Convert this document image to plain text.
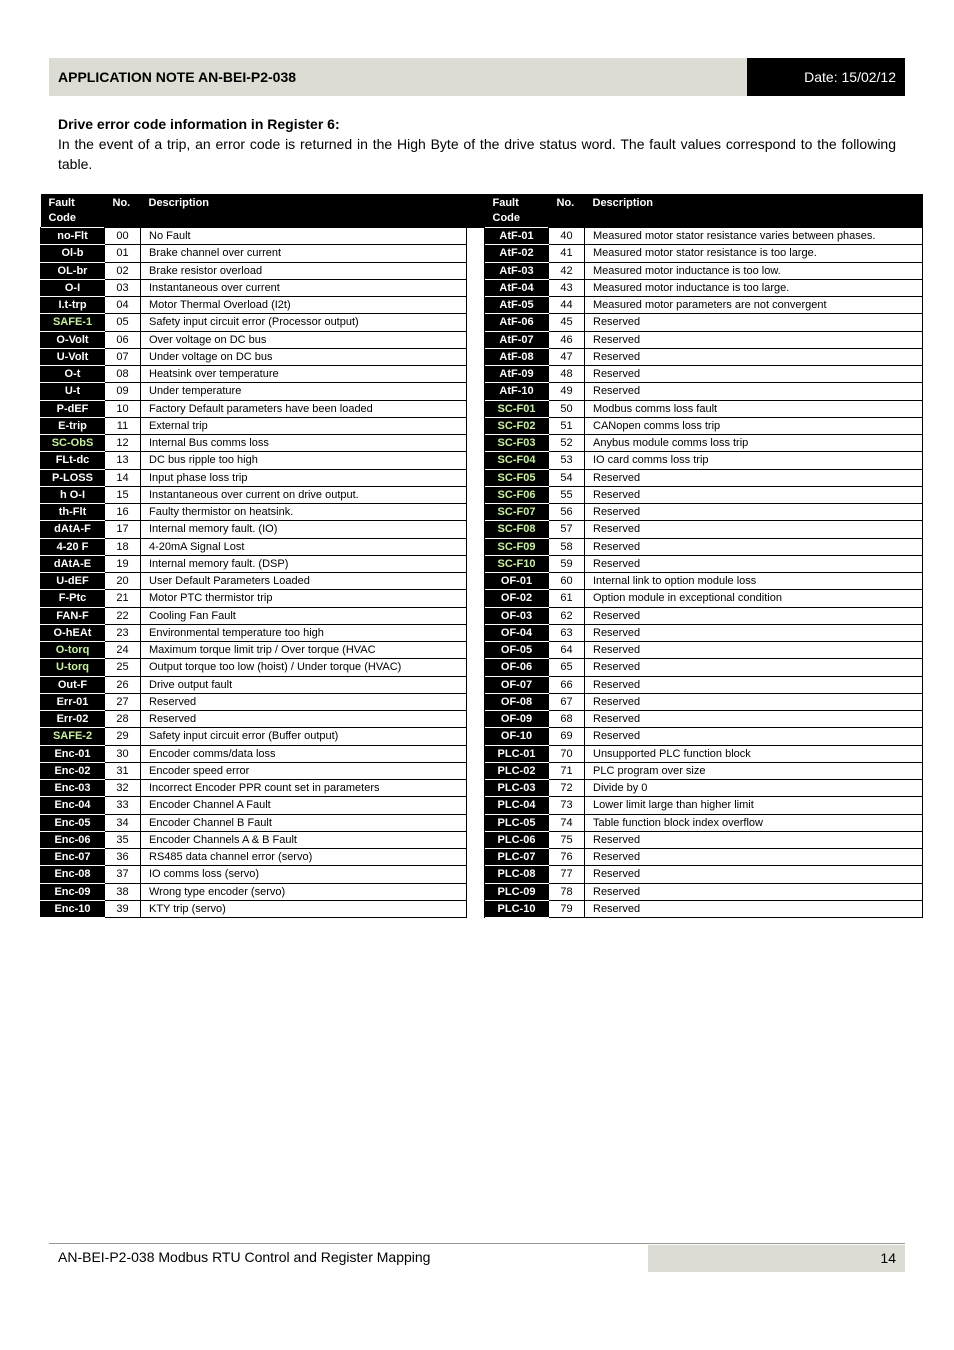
APPLICATION NOTE AN-BEI-P2-038	Date: 15/02/12
Drive error code information in Register 6:
In the event of a trip, an error code is returned in the High Byte of the drive status word. The fault values correspond to the following table.
Fault Code	No.	Description		Fault Code	No.	Description
no-Flt	00	No Fault		AtF-01	40	Measured motor stator resistance varies between phases.
Ol-b	01	Brake channel over current		AtF-02	41	Measured motor stator resistance is too large.
OL-br	02	Brake resistor overload		AtF-03	42	Measured motor inductance is too low.
O-I	03	Instantaneous over current		AtF-04	43	Measured motor inductance is too large.
I.t-trp	04	Motor Thermal Overload (I2t)		AtF-05	44	Measured motor parameters are not convergent
SAFE-1	05	Safety input circuit error (Processor output)		AtF-06	45	Reserved
O-Volt	06	Over voltage on DC bus		AtF-07	46	Reserved
U-Volt	07	Under voltage on DC bus		AtF-08	47	Reserved
O-t	08	Heatsink over temperature		AtF-09	48	Reserved
U-t	09	Under temperature		AtF-10	49	Reserved
P-dEF	10	Factory Default parameters have been loaded		SC-F01	50	Modbus comms loss fault
E-trip	11	External trip		SC-F02	51	CANopen comms loss trip
SC-ObS	12	Internal Bus comms loss		SC-F03	52	Anybus module comms loss trip
FLt-dc	13	DC bus ripple too high		SC-F04	53	IO card comms loss trip
P-LOSS	14	Input phase loss trip		SC-F05	54	Reserved
h O-I	15	Instantaneous over current on drive output.		SC-F06	55	Reserved
th-Flt	16	Faulty thermistor on heatsink.		SC-F07	56	Reserved
dAtA-F	17	Internal memory fault. (IO)		SC-F08	57	Reserved
4-20 F	18	4-20mA Signal Lost		SC-F09	58	Reserved
dAtA-E	19	Internal memory fault. (DSP)		SC-F10	59	Reserved
U-dEF	20	User Default Parameters Loaded		OF-01	60	Internal link to option module loss
F-Ptc	21	Motor PTC thermistor trip		OF-02	61	Option module in exceptional condition
FAN-F	22	Cooling Fan Fault		OF-03	62	Reserved
O-hEAt	23	Environmental temperature too high		OF-04	63	Reserved
O-torq	24	Maximum torque limit trip / Over torque (HVAC		OF-05	64	Reserved
U-torq	25	Output torque too low (hoist) / Under torque (HVAC)		OF-06	65	Reserved
Out-F	26	Drive output fault		OF-07	66	Reserved
Err-01	27	Reserved		OF-08	67	Reserved
Err-02	28	Reserved		OF-09	68	Reserved
SAFE-2	29	Safety input circuit error (Buffer output)		OF-10	69	Reserved
Enc-01	30	Encoder comms/data loss		PLC-01	70	Unsupported PLC function block
Enc-02	31	Encoder speed error		PLC-02	71	PLC program over size
Enc-03	32	Incorrect Encoder PPR count set in parameters		PLC-03	72	Divide by 0
Enc-04	33	Encoder Channel A Fault		PLC-04	73	Lower limit large than higher limit
Enc-05	34	Encoder Channel B Fault		PLC-05	74	Table function block index overflow
Enc-06	35	Encoder Channels A & B Fault		PLC-06	75	Reserved
Enc-07	36	RS485 data channel error (servo)		PLC-07	76	Reserved
Enc-08	37	IO comms loss (servo)		PLC-08	77	Reserved
Enc-09	38	Wrong type encoder (servo)		PLC-09	78	Reserved
Enc-10	39	KTY trip (servo)		PLC-10	79	Reserved
AN-BEI-P2-038 Modbus RTU Control and Register Mapping	14
